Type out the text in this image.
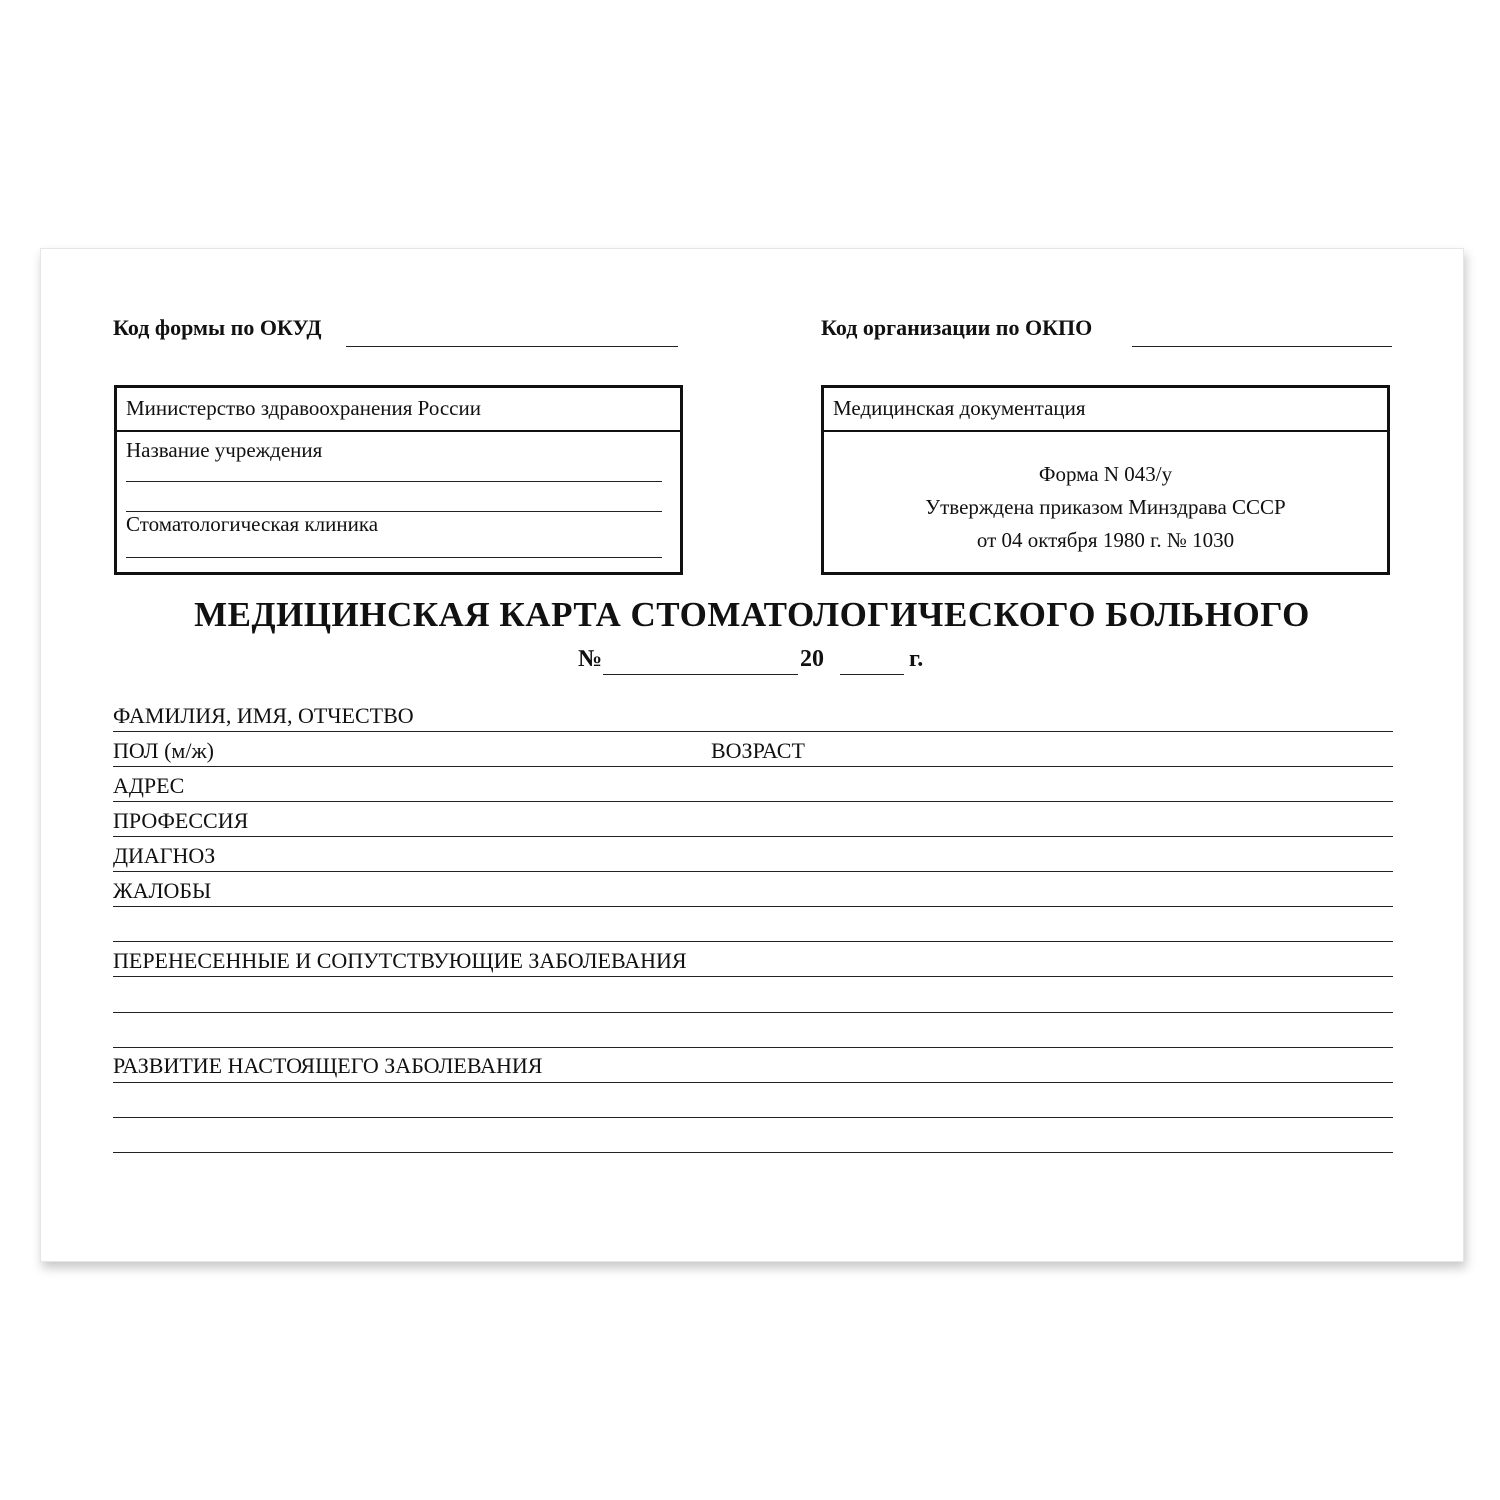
Код формы по ОКУД	Код организации по ОКПО
Министерство здравоохранения России
Название учреждения
Стоматологическая клиника
Медицинская документация
Форма N 043/у
Утверждена приказом Минздрава СССР
от 04 октября 1980 г. № 1030
МЕДИЦИНСКАЯ КАРТА СТОМАТОЛОГИЧЕСКОГО БОЛЬНОГО
№	20	г.
ФАМИЛИЯ, ИМЯ, ОТЧЕСТВО
ПОЛ (м/ж)	ВОЗРАСТ
АДРЕС
ПРОФЕССИЯ
ДИАГНОЗ
ЖАЛОБЫ
ПЕРЕНЕСЕННЫЕ И СОПУТСТВУЮЩИЕ ЗАБОЛЕВАНИЯ
РАЗВИТИЕ НАСТОЯЩЕГО ЗАБОЛЕВАНИЯ
